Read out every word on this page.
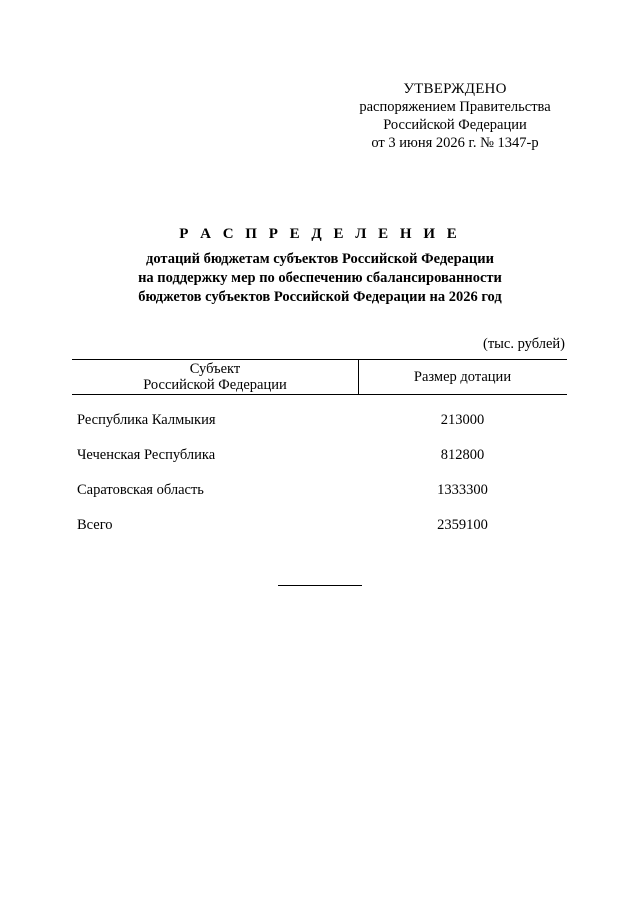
УТВЕРЖДЕНО
распоряжением Правительства
Российской Федерации
от 3 июня 2026 г. № 1347-р
Р А С П Р Е Д Е Л Е Н И Е
дотаций бюджетам субъектов Российской Федерации
на поддержку мер по обеспечению сбалансированности
бюджетов субъектов Российской Федерации на 2026 год
(тыс. рублей)
Субъект
Российской Федерации	Размер дотации
Республика Калмыкия	213000
Чеченская Республика	812800
Саратовская область	1333300
Всего	2359100
